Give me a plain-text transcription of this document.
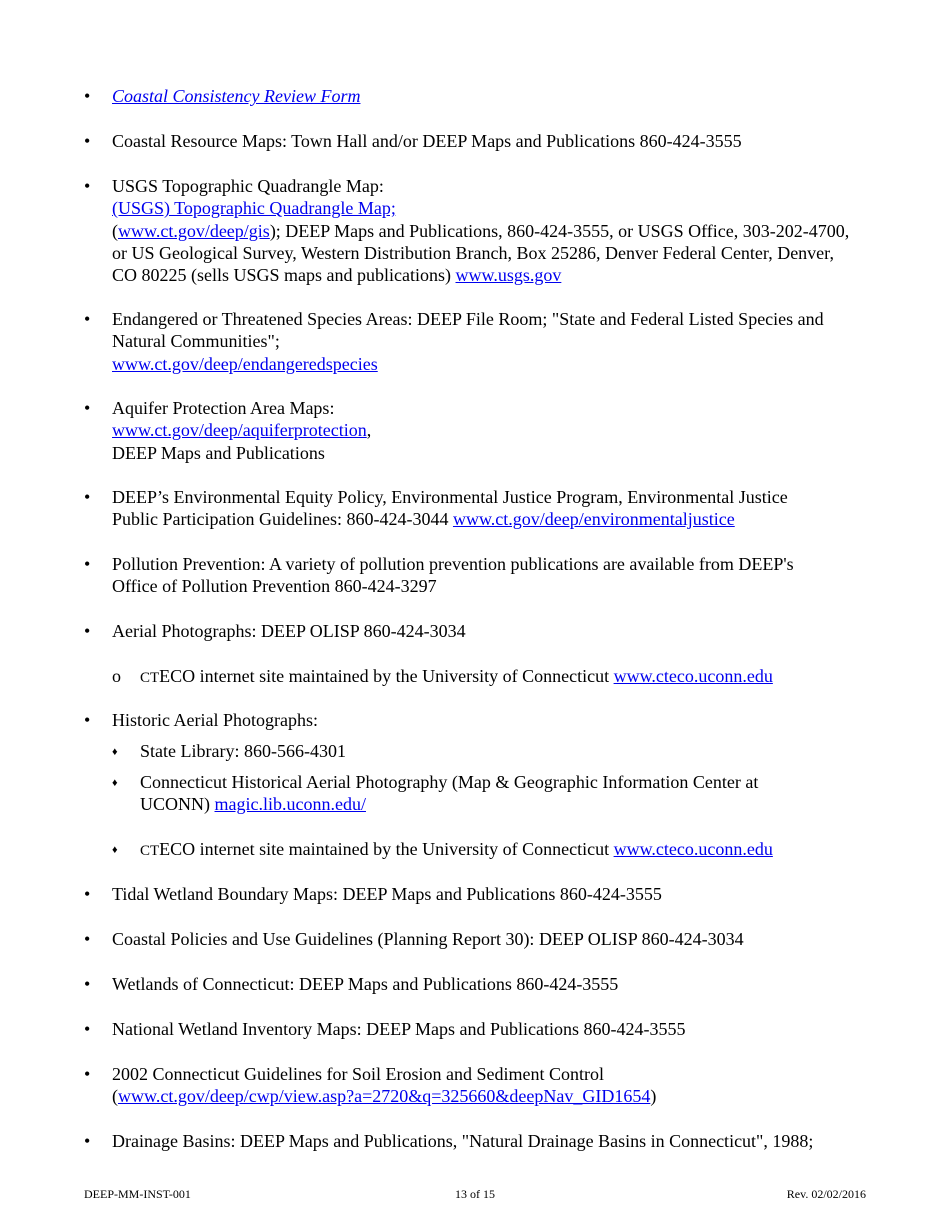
• Coastal Consistency Review Form
• Coastal Resource Maps: Town Hall and/or DEEP Maps and Publications 860-424-3555
• USGS Topographic Quadrangle Map:
(USGS) Topographic Quadrangle Map;
(www.ct.gov/deep/gis); DEEP Maps and Publications, 860-424-3555, or USGS Office, 303-202-4700, or US Geological Survey, Western Distribution Branch, Box 25286, Denver Federal Center, Denver, CO 80225 (sells USGS maps and publications) www.usgs.gov
• Endangered or Threatened Species Areas: DEEP File Room; "State and Federal Listed Species and Natural Communities";
www.ct.gov/deep/endangeredspecies
• Aquifer Protection Area Maps:
www.ct.gov/deep/aquiferprotection,
DEEP Maps and Publications
• DEEP’s Environmental Equity Policy, Environmental Justice Program, Environmental Justice Public Participation Guidelines: 860-424-3044 www.ct.gov/deep/environmentaljustice
• Pollution Prevention: A variety of pollution prevention publications are available from DEEP's Office of Pollution Prevention 860-424-3297
• Aerial Photographs: DEEP OLISP 860-424-3034
o CTECO internet site maintained by the University of Connecticut www.cteco.uconn.edu
• Historic Aerial Photographs:
♦ State Library: 860-566-4301
♦ Connecticut Historical Aerial Photography (Map & Geographic Information Center at UCONN) magic.lib.uconn.edu/
♦ CTECO internet site maintained by the University of Connecticut www.cteco.uconn.edu
• Tidal Wetland Boundary Maps: DEEP Maps and Publications 860-424-3555
• Coastal Policies and Use Guidelines (Planning Report 30): DEEP OLISP 860-424-3034
• Wetlands of Connecticut: DEEP Maps and Publications 860-424-3555
• National Wetland Inventory Maps: DEEP Maps and Publications 860-424-3555
• 2002 Connecticut Guidelines for Soil Erosion and Sediment Control
(www.ct.gov/deep/cwp/view.asp?a=2720&q=325660&deepNav_GID1654)
• Drainage Basins: DEEP Maps and Publications, "Natural Drainage Basins in Connecticut", 1988;
DEEP-MM-INST-001	13 of 15	Rev. 02/02/2016
